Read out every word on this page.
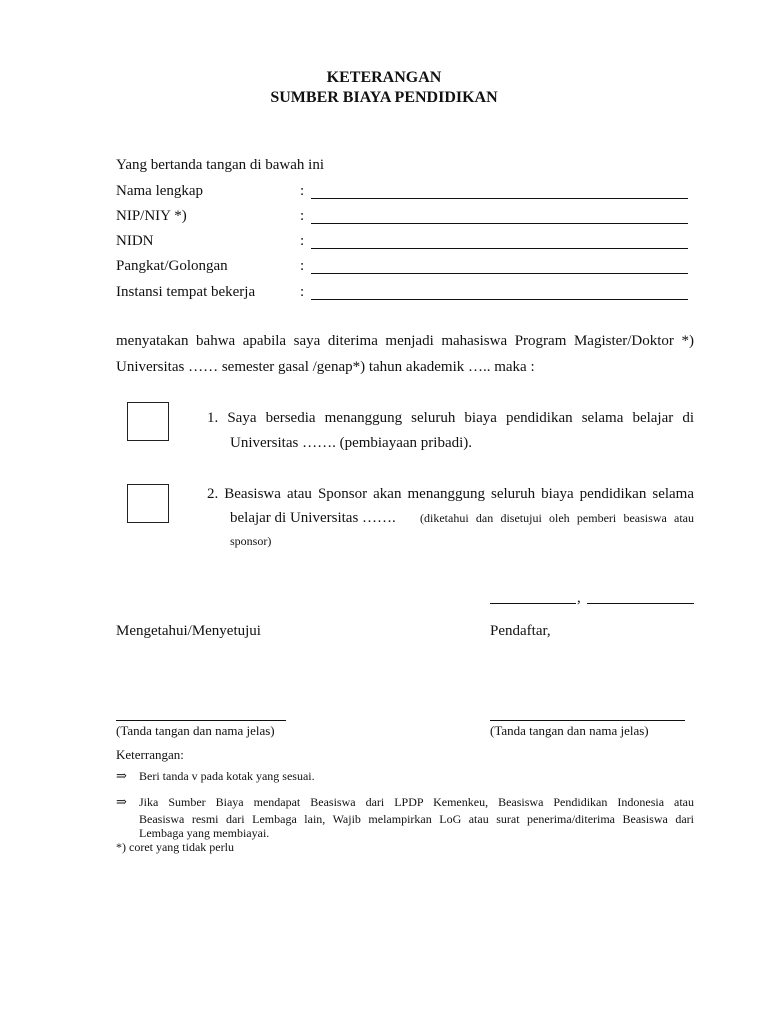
KETERANGAN
SUMBER BIAYA PENDIDIKAN
Yang bertanda tangan di bawah ini
Nama lengkap	:
NIP/NIY *)	:
NIDN	:
Pangkat/Golongan	:
Instansi tempat bekerja	:
menyatakan bahwa apabila saya diterima menjadi mahasiswa Program Magister/Doktor *)
Universitas …… semester gasal /genap*) tahun akademik ….. maka :
1. Saya bersedia menanggung seluruh biaya pendidikan selama belajar di
Universitas ……. (pembiayaan pribadi).
2. Beasiswa atau Sponsor akan menanggung seluruh biaya pendidikan selama
belajar di Universitas ……. (diketahui dan disetujui oleh pemberi beasiswa atau
sponsor)
,
Mengetahui/Menyetujui	Pendaftar,
(Tanda tangan dan nama jelas)	(Tanda tangan dan nama jelas)
Keterrangan:
⇒ Beri tanda v pada kotak yang sesuai.
⇒ Jika Sumber Biaya mendapat Beasiswa dari LPDP Kemenkeu, Beasiswa Pendidikan Indonesia atau
Beasiswa resmi dari Lembaga lain, Wajib melampirkan LoG atau surat penerima/diterima Beasiswa dari
Lembaga yang membiayai.
*) coret yang tidak perlu
